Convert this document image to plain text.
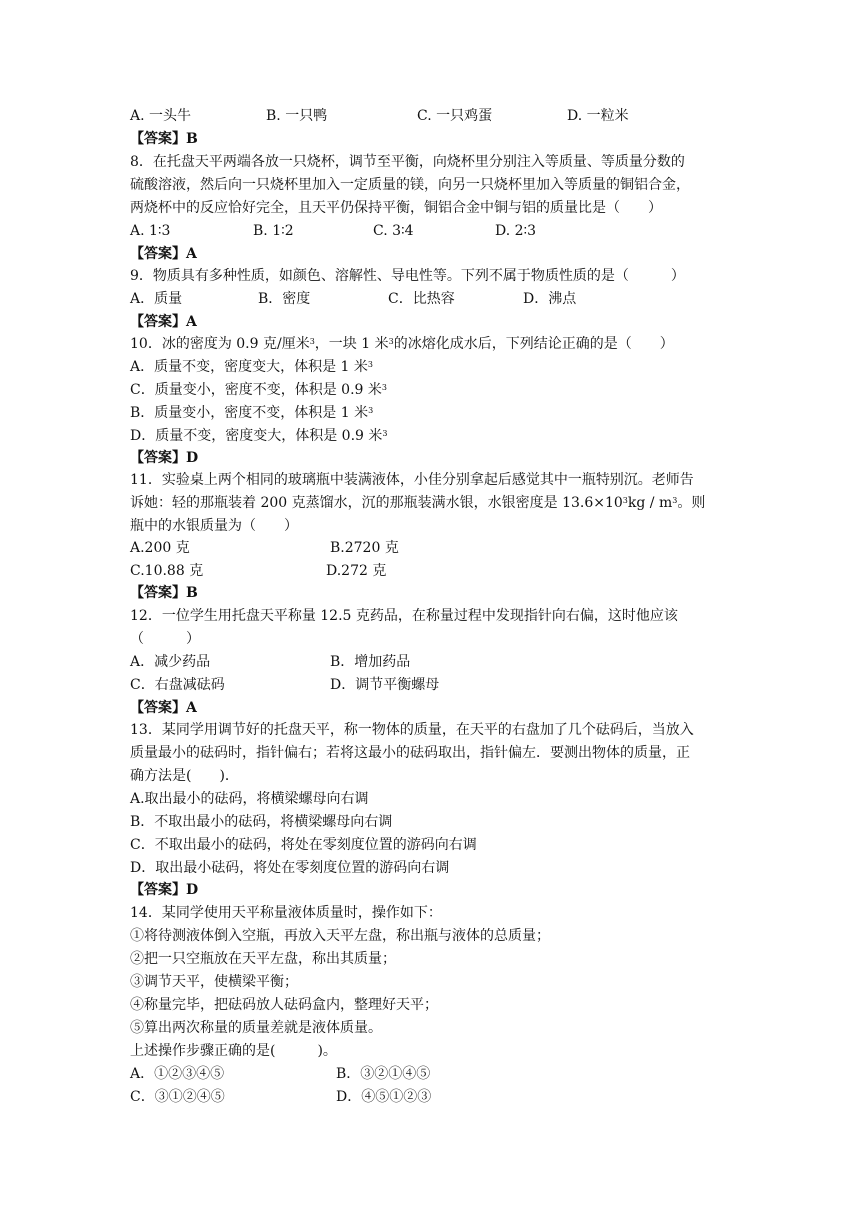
A. 一头牛	B. 一只鸭	C. 一只鸡蛋	D. 一粒米
【答案】B
8．在托盘天平两端各放一只烧杯，调节至平衡，向烧杯里分别注入等质量、等质量分数的
硫酸溶液，然后向一只烧杯里加入一定质量的镁，向另一只烧杯里加入等质量的铜铝合金，
两烧杯中的反应恰好完全，且天平仍保持平衡，铜铝合金中铜与铝的质量比是（　　）
A. 1∶3	B. 1∶2	C. 3∶4	D. 2∶3
【答案】A
9．物质具有多种性质，如颜色、溶解性、导电性等。下列不属于物质性质的是（　　　）
A．质量	B．密度	C．比热容	D．沸点
【答案】A
10．冰的密度为 0.9 克/厘米$^3$，一块 1 米$^3$的冰熔化成水后，下列结论正确的是（　　）
A．质量不变，密度变大，体积是 1 米$^3$
C．质量变小，密度不变，体积是 0.9 米$^3$
B．质量变小，密度不变，体积是 1 米$^3$
D．质量不变，密度变大，体积是 0.9 米$^3$
【答案】D
11．实验桌上两个相同的玻璃瓶中装满液体，小佳分别拿起后感觉其中一瓶特别沉。老师告
诉她：轻的那瓶装着 200 克蒸馏水，沉的那瓶装满水银，水银密度是 $13.6\times 10^3kg / m^3$。则
瓶中的水银质量为（　　）
A.200 克	B.2720 克
C.10.88 克	D.272 克
【答案】B
12．一位学生用托盘天平称量 12.5 克药品，在称量过程中发现指针向右偏，这时他应该
（　　　）
A．减少药品	B．增加药品
C．右盘减砝码	D．调节平衡螺母
【答案】A
13．某同学用调节好的托盘天平，称一物体的质量，在天平的右盘加了几个砝码后，当放入
质量最小的砝码时，指针偏右；若将这最小的砝码取出，指针偏左．要测出物体的质量，正
确方法是(　　)．
A.取出最小的砝码，将横梁螺母向右调
B．不取出最小的砝码，将横梁螺母向右调
C．不取出最小的砝码，将处在零刻度位置的游码向右调
D．取出最小砝码，将处在零刻度位置的游码向右调
【答案】D
14．某同学使用天平称量液体质量时，操作如下：
①将待测液体倒入空瓶，再放入天平左盘，称出瓶与液体的总质量；
②把一只空瓶放在天平左盘，称出其质量；
③调节天平，使横梁平衡；
④称量完毕，把砝码放人砝码盒内，整理好天平；
⑤算出两次称量的质量差就是液体质量。
上述操作步骤正确的是(　　　)。
A．①②③④⑤	B．③②①④⑤
C．③①②④⑤	D．④⑤①②③
